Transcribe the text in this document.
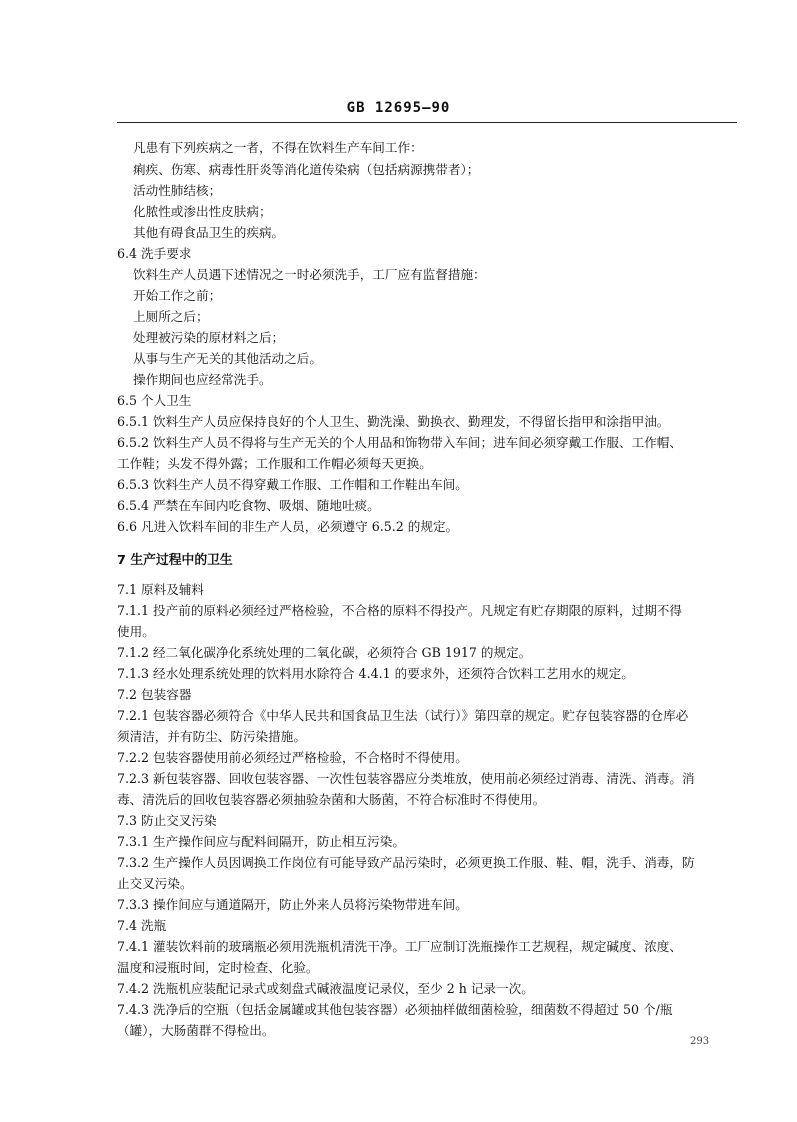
GB 12695—90
凡患有下列疾病之一者，不得在饮料生产车间工作：
痢疾、伤寒、病毒性肝炎等消化道传染病（包括病源携带者）；
活动性肺结核；
化脓性或渗出性皮肤病；
其他有碍食品卫生的疾病。
6.4 洗手要求
饮料生产人员遇下述情况之一时必须洗手，工厂应有监督措施：
开始工作之前；
上厕所之后；
处理被污染的原材料之后；
从事与生产无关的其他活动之后。
操作期间也应经常洗手。
6.5 个人卫生
6.5.1 饮料生产人员应保持良好的个人卫生、勤洗澡、勤换衣、勤理发，不得留长指甲和涂指甲油。
6.5.2 饮料生产人员不得将与生产无关的个人用品和饰物带入车间；进车间必须穿戴工作服、工作帽、
工作鞋；头发不得外露；工作服和工作帽必须每天更换。
6.5.3 饮料生产人员不得穿戴工作服、工作帽和工作鞋出车间。
6.5.4 严禁在车间内吃食物、吸烟、随地吐痰。
6.6 凡进入饮料车间的非生产人员，必须遵守 6.5.2 的规定。
7 生产过程中的卫生
7.1 原料及辅料
7.1.1 投产前的原料必须经过严格检验，不合格的原料不得投产。凡规定有贮存期限的原料，过期不得
使用。
7.1.2 经二氧化碳净化系统处理的二氧化碳，必须符合 GB 1917 的规定。
7.1.3 经水处理系统处理的饮料用水除符合 4.4.1 的要求外，还须符合饮料工艺用水的规定。
7.2 包装容器
7.2.1 包装容器必须符合《中华人民共和国食品卫生法（试行）》第四章的规定。贮存包装容器的仓库必
须清洁，并有防尘、防污染措施。
7.2.2 包装容器使用前必须经过严格检验，不合格时不得使用。
7.2.3 新包装容器、回收包装容器、一次性包装容器应分类堆放，使用前必须经过消毒、清洗、消毒。消
毒、清洗后的回收包装容器必须抽验杂菌和大肠菌，不符合标准时不得使用。
7.3 防止交叉污染
7.3.1 生产操作间应与配料间隔开，防止相互污染。
7.3.2 生产操作人员因调换工作岗位有可能导致产品污染时，必须更换工作服、鞋、帽，洗手、消毒，防
止交叉污染。
7.3.3 操作间应与通道隔开，防止外来人员将污染物带进车间。
7.4 洗瓶
7.4.1 灌装饮料前的玻璃瓶必须用洗瓶机清洗干净。工厂应制订洗瓶操作工艺规程，规定碱度、浓度、
温度和浸瓶时间，定时检查、化验。
7.4.2 洗瓶机应装配记录式或刻盘式碱液温度记录仪，至少 2 h 记录一次。
7.4.3 洗净后的空瓶（包括金属罐或其他包装容器）必须抽样做细菌检验，细菌数不得超过 50 个/瓶
（罐），大肠菌群不得检出。
293
